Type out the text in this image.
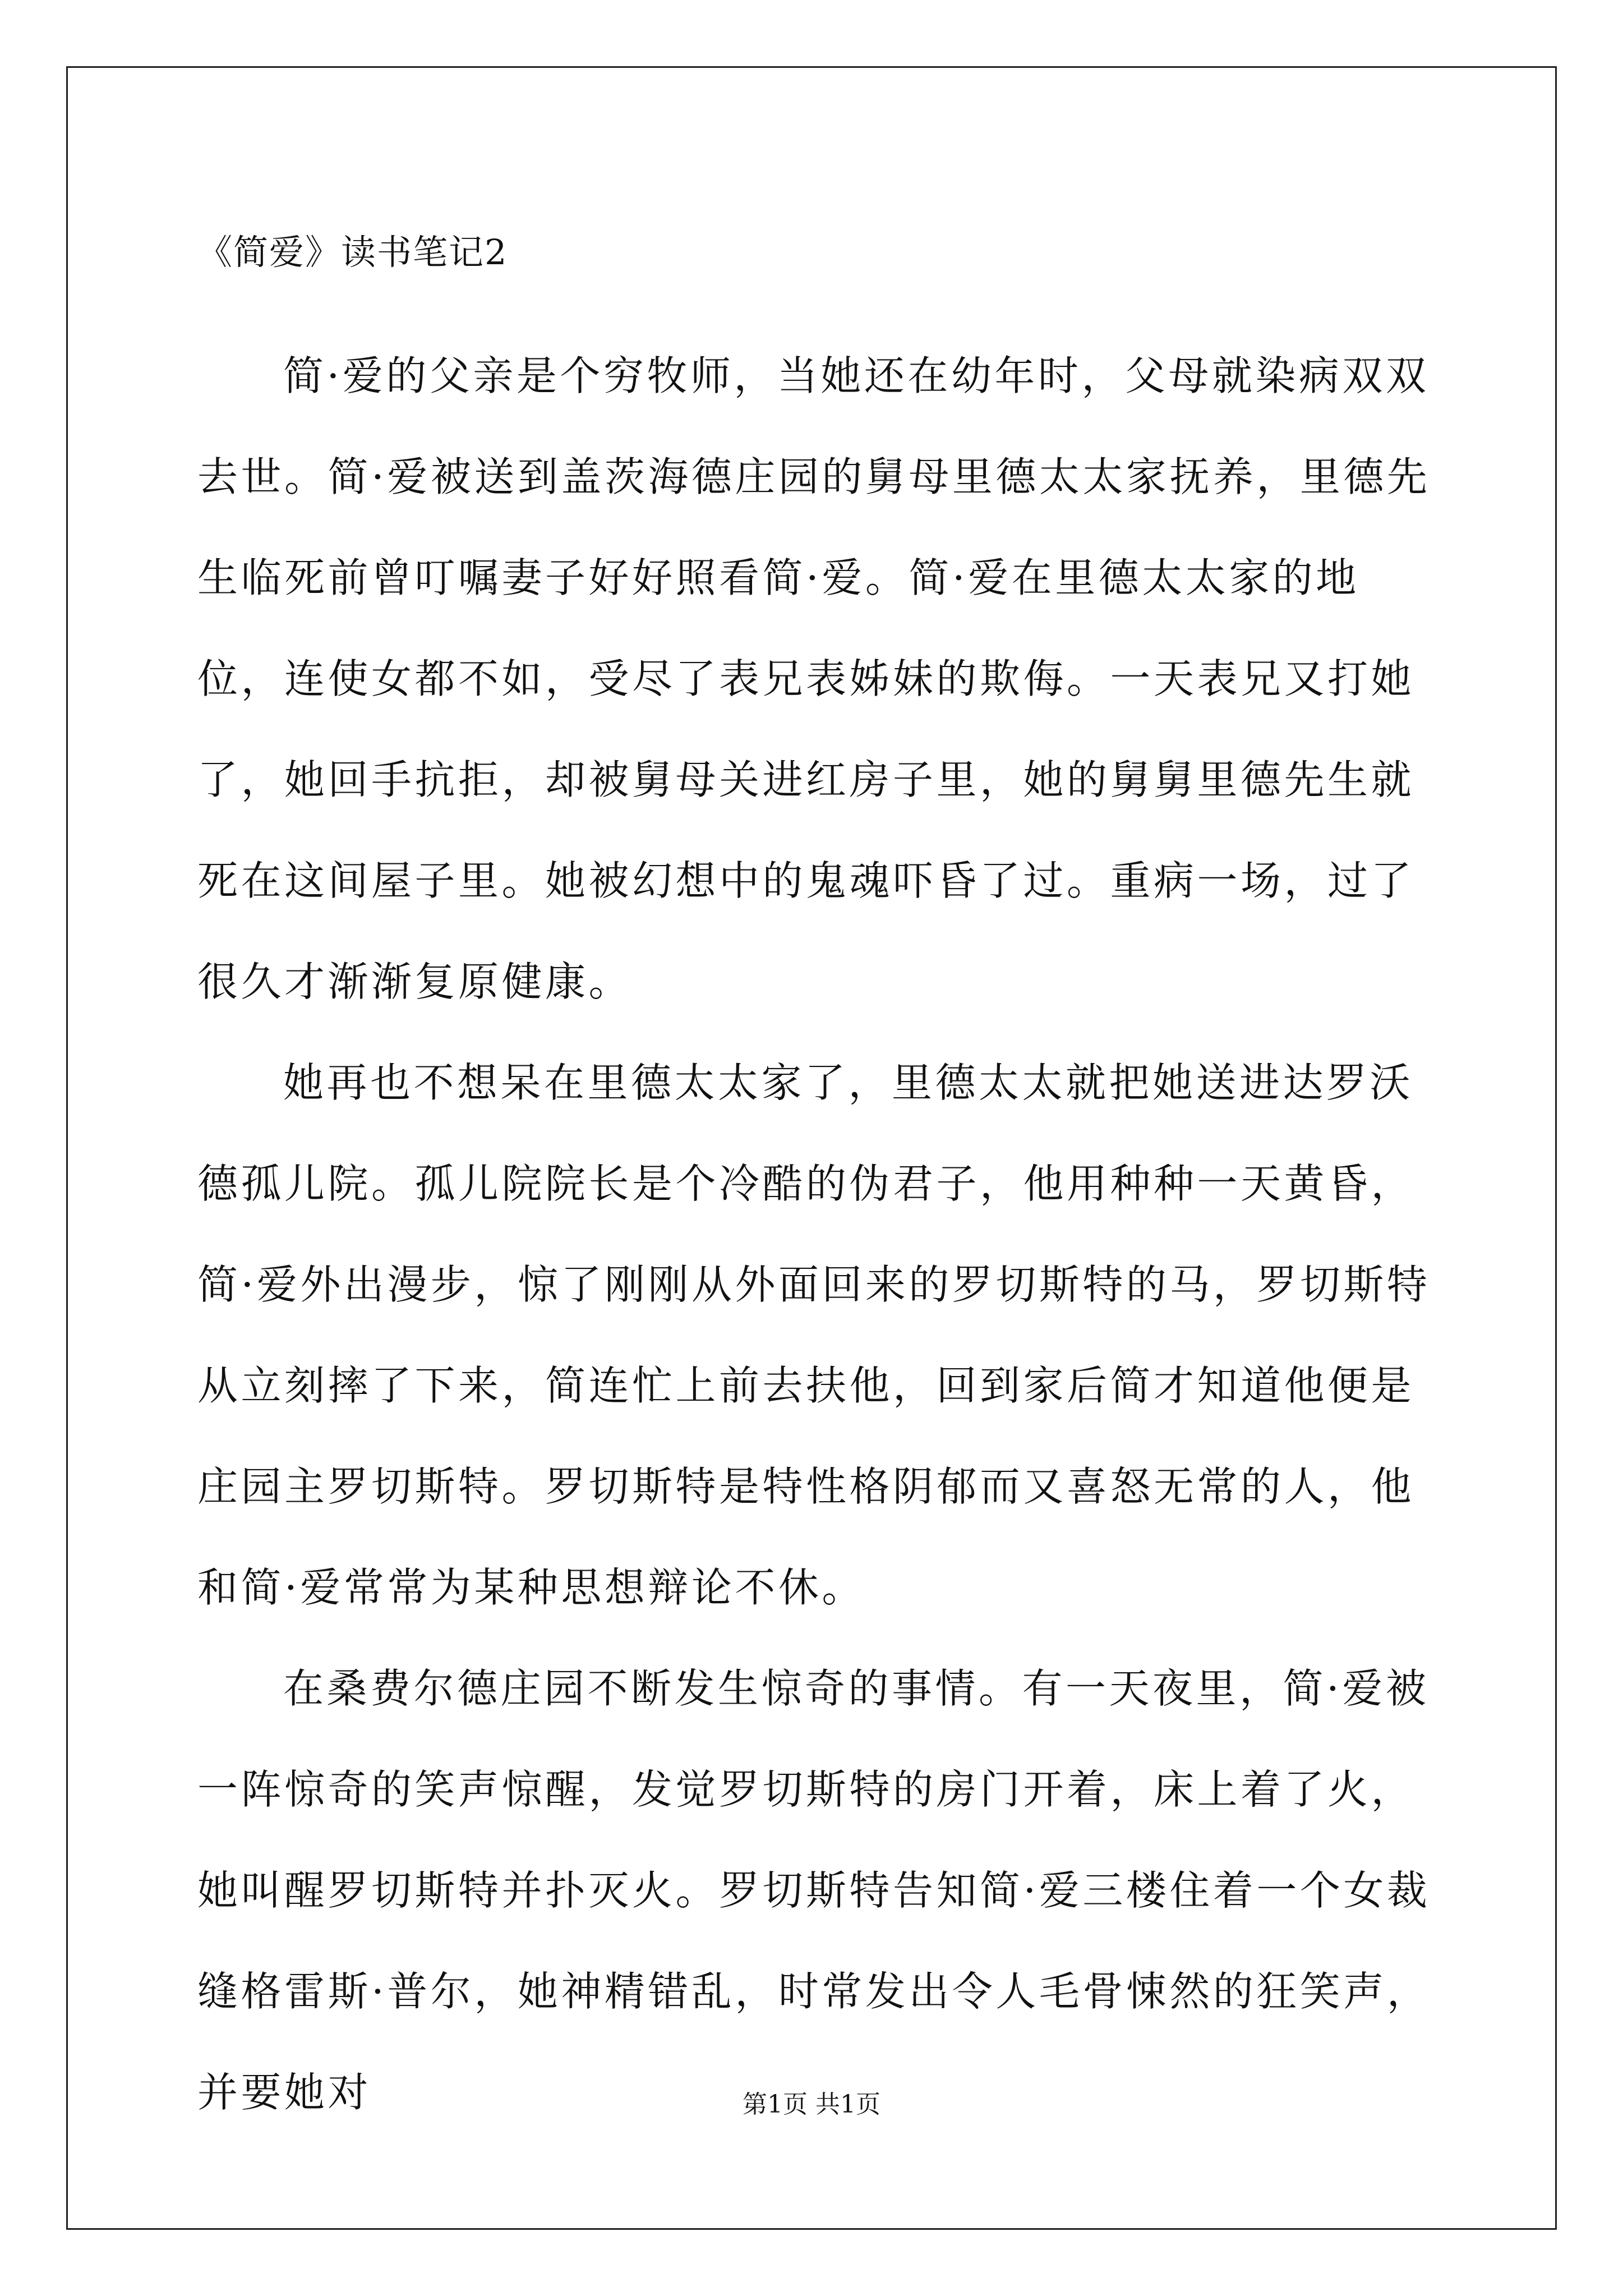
《简爱》读书笔记2

简·爱的父亲是个穷牧师，当她还在幼年时，父母就染病双双去世。简·爱被送到盖茨海德庄园的舅母里德太太家抚养，里德先生临死前曾叮嘱妻子好好照看简·爱。简·爱在里德太太家的地位，连使女都不如，受尽了表兄表姊妹的欺侮。一天表兄又打她了，她回手抗拒，却被舅母关进红房子里，她的舅舅里德先生就死在这间屋子里。她被幻想中的鬼魂吓昏了过。重病一场，过了很久才渐渐复原健康。

她再也不想呆在里德太太家了，里德太太就把她送进达罗沃德孤儿院。孤儿院院长是个冷酷的伪君子，他用种种一天黄昏，简·爱外出漫步，惊了刚刚从外面回来的罗切斯特的马，罗切斯特从立刻摔了下来，简连忙上前去扶他，回到家后简才知道他便是庄园主罗切斯特。罗切斯特是特性格阴郁而又喜怒无常的人，他和简·爱常常为某种思想辩论不休。

在桑费尔德庄园不断发生惊奇的事情。有一天夜里，简·爱被一阵惊奇的笑声惊醒，发觉罗切斯特的房门开着，床上着了火，她叫醒罗切斯特并扑灭火。罗切斯特告知简·爱三楼住着一个女裁缝格雷斯·普尔，她神精错乱，时常发出令人毛骨悚然的狂笑声，并要她对	第1页 共1页
